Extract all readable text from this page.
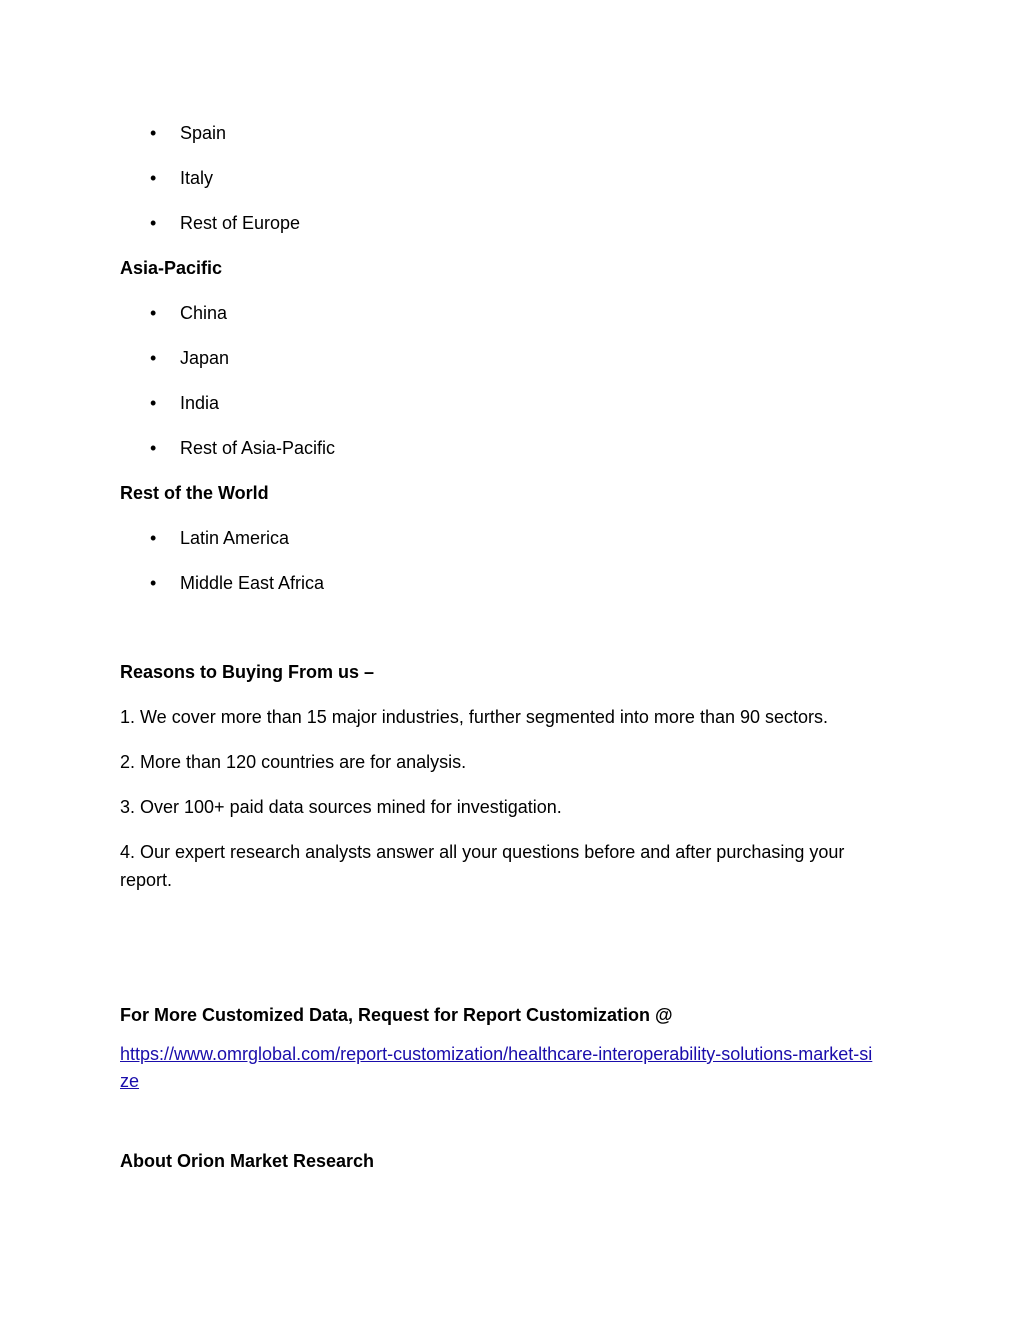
• Spain
• Italy
• Rest of Europe
Asia-Pacific
• China
• Japan
• India
• Rest of Asia-Pacific
Rest of the World
• Latin America
• Middle East Africa
Reasons to Buying From us –
1. We cover more than 15 major industries, further segmented into more than 90 sectors.
2. More than 120 countries are for analysis.
3. Over 100+ paid data sources mined for investigation.
4. Our expert research analysts answer all your questions before and after purchasing your report.
For More Customized Data, Request for Report Customization @
https://www.omrglobal.com/report-customization/healthcare-interoperability-solutions-market-size
About Orion Market Research
